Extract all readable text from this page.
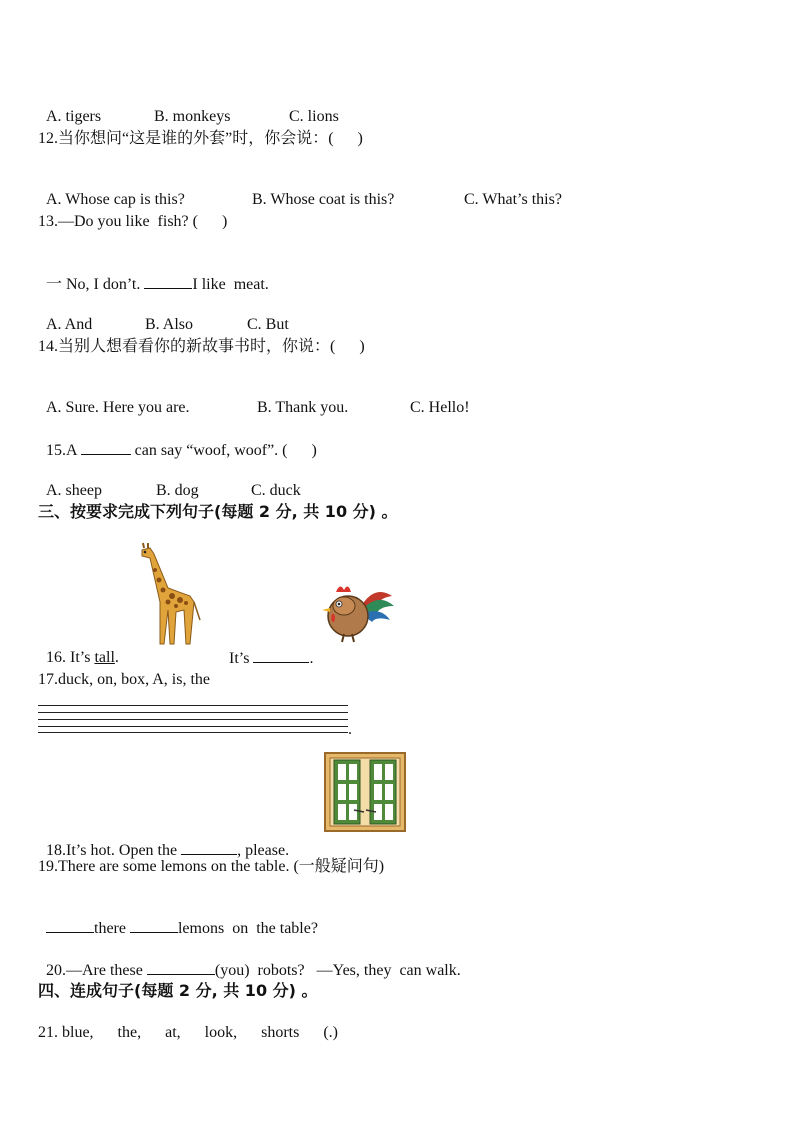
A. tigers	B. monkeys	C. lions

12.当你想问“这是谁的外套”时，你会说：(      )

A. Whose cap is this?	B. Whose coat is this?	C. What’s this?

13.—Do you like  fish? (      )

一 No, I don’t.	I like  meat.

A. And	B. Also	C. But

14.当别人想看看你的新故事书时，你说：(      )

A. Sure. Here you are.	B. Thank you.	C. Hello!

15.A	can say “woof, woof”. (      )

A. sheep	B. dog	C. duck

三、按要求完成下列句子(每题 2 分, 共 10 分) 。

16. It’s tall.	It’s	.

17.duck, on, box, A, is, the
.

18.It’s hot. Open the	, please.

19.There are some lemons on the table. (一般疑问句)

there	lemons  on  the table?

20.—Are these	(you)  robots?   —Yes, they  can walk.

四、连成句子(每题 2 分, 共 10 分) 。
21. blue,      the,      at,      look,      shorts      (.)
